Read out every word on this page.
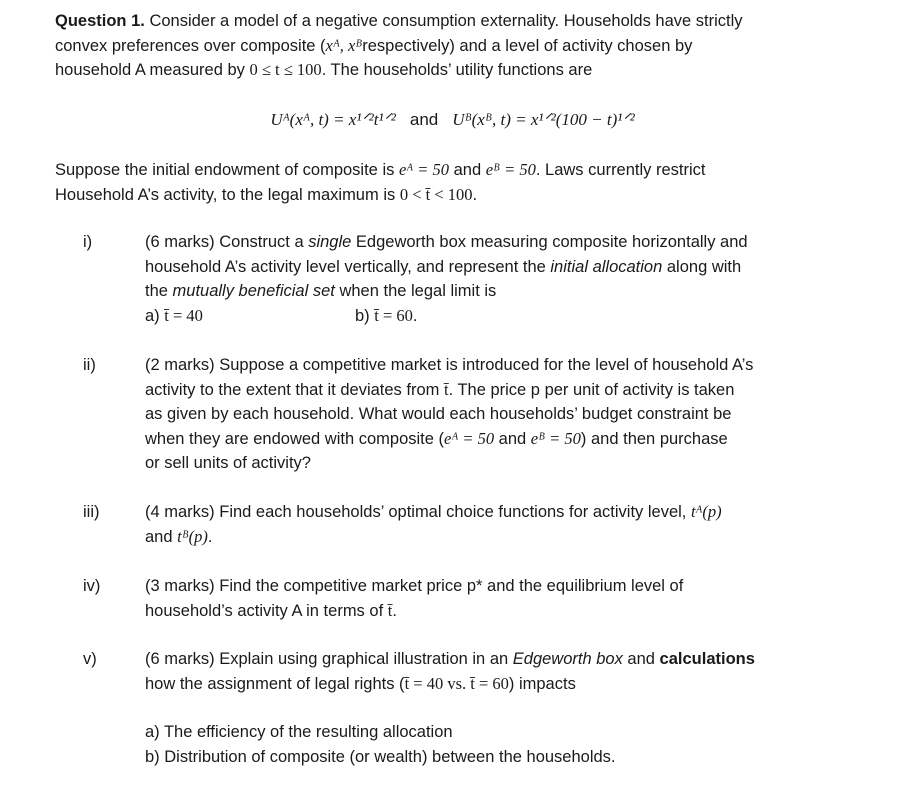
Question 1. Consider a model of a negative consumption externality. Households have strictly
convex preferences over composite (xᴬ, xᴮrespectively) and a level of activity chosen by
household A measured by 0 ≤ t ≤ 100. The households’ utility functions are
Uᴬ(xᴬ, t) = x¹ᐟ²t¹ᐟ² and Uᴮ(xᴮ, t) = x¹ᐟ²(100 − t)¹ᐟ²
Suppose the initial endowment of composite is eᴬ = 50 and eᴮ = 50. Laws currently restrict
Household A’s activity, to the legal maximum is 0 < t̄ < 100.
i)	(6 marks) Construct a single Edgeworth box measuring composite horizontally and
household A’s activity level vertically, and represent the initial allocation along with
the mutually beneficial set when the legal limit is
a) t̄ = 40	b) t̄ = 60.
ii)	(2 marks) Suppose a competitive market is introduced for the level of household A’s
activity to the extent that it deviates from t̄. The price p per unit of activity is taken
as given by each household. What would each households’ budget constraint be
when they are endowed with composite (eᴬ = 50 and eᴮ = 50) and then purchase
or sell units of activity?
iii)	(4 marks) Find each households’ optimal choice functions for activity level, tᴬ(p)
and tᴮ(p).
iv)	(3 marks) Find the competitive market price p* and the equilibrium level of
household’s activity A in terms of t̄.
v)	(6 marks) Explain using graphical illustration in an Edgeworth box and calculations
how the assignment of legal rights (t̄ = 40 vs. t̄ = 60) impacts
a) The efficiency of the resulting allocation
b) Distribution of composite (or wealth) between the households.
